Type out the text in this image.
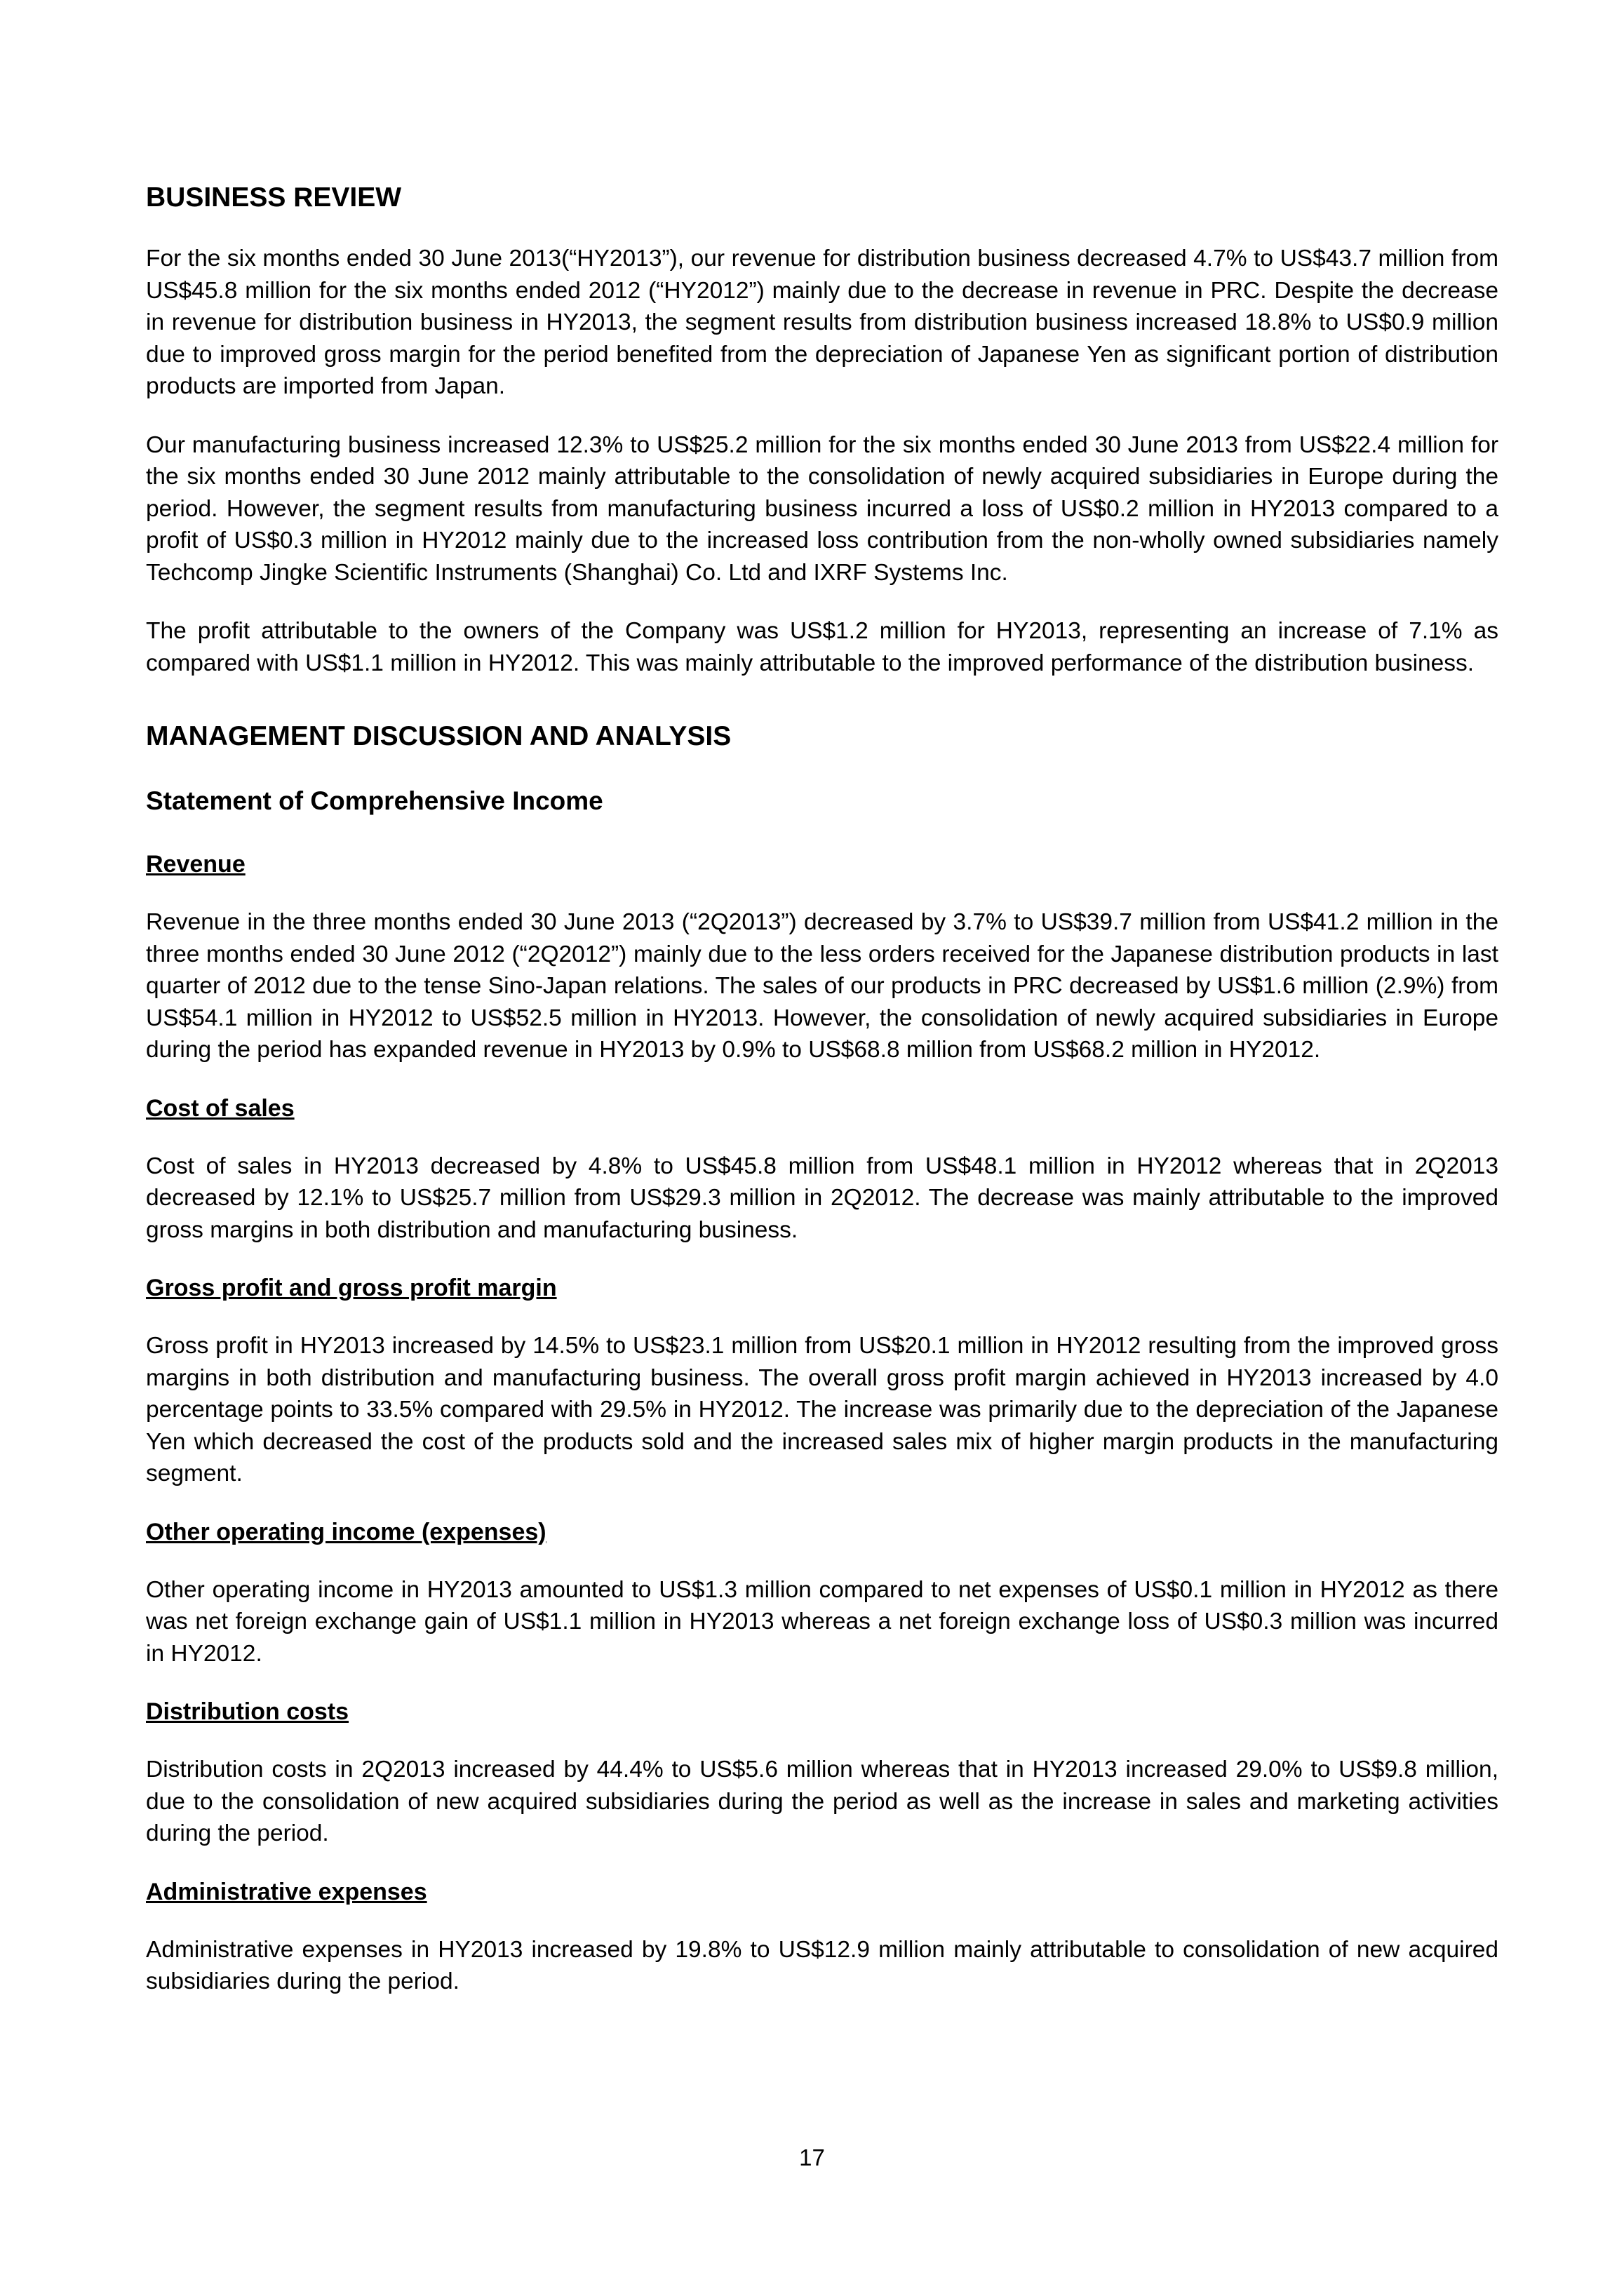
BUSINESS REVIEW

For the six months ended 30 June 2013(“HY2013”), our revenue for distribution business decreased 4.7% to US$43.7 million from US$45.8 million for the six months ended 2012 (“HY2012”) mainly due to the decrease in revenue in PRC. Despite the decrease in revenue for distribution business in HY2013, the segment results from distribution business increased 18.8% to US$0.9 million due to improved gross margin for the period benefited from the depreciation of Japanese Yen as significant portion of distribution products are imported from Japan.

Our manufacturing business increased 12.3% to US$25.2 million for the six months ended 30 June 2013 from US$22.4 million for the six months ended 30 June 2012 mainly attributable to the consolidation of newly acquired subsidiaries in Europe during the period. However, the segment results from manufacturing business incurred a loss of US$0.2 million in HY2013 compared to a profit of US$0.3 million in HY2012 mainly due to the increased loss contribution from the non-wholly owned subsidiaries namely Techcomp Jingke Scientific Instruments (Shanghai) Co. Ltd and IXRF Systems Inc.

The profit attributable to the owners of the Company was US$1.2 million for HY2013, representing an increase of 7.1% as compared with US$1.1 million in HY2012. This was mainly attributable to the improved performance of the distribution business.

MANAGEMENT DISCUSSION AND ANALYSIS
Statement of Comprehensive Income
Revenue

Revenue in the three months ended 30 June 2013 (“2Q2013”) decreased by 3.7% to US$39.7 million from US$41.2 million in the three months ended 30 June 2012 (“2Q2012”) mainly due to the less orders received for the Japanese distribution products in last quarter of 2012 due to the tense Sino-Japan relations. The sales of our products in PRC decreased by US$1.6 million (2.9%) from US$54.1 million in HY2012 to US$52.5 million in HY2013. However, the consolidation of newly acquired subsidiaries in Europe during the period has expanded revenue in HY2013 by 0.9% to US$68.8 million from US$68.2 million in HY2012.

Cost of sales

Cost of sales in HY2013 decreased by 4.8% to US$45.8 million from US$48.1 million in HY2012 whereas that in 2Q2013 decreased by 12.1% to US$25.7 million from US$29.3 million in 2Q2012. The decrease was mainly attributable to the improved gross margins in both distribution and manufacturing business.

Gross profit and gross profit margin

Gross profit in HY2013 increased by 14.5% to US$23.1 million from US$20.1 million in HY2012 resulting from the improved gross margins in both distribution and manufacturing business. The overall gross profit margin achieved in HY2013 increased by 4.0 percentage points to 33.5% compared with 29.5% in HY2012. The increase was primarily due to the depreciation of the Japanese Yen which decreased the cost of the products sold and the increased sales mix of higher margin products in the manufacturing segment.

Other operating income (expenses)

Other operating income in HY2013 amounted to US$1.3 million compared to net expenses of US$0.1 million in HY2012 as there was net foreign exchange gain of US$1.1 million in HY2013 whereas a net foreign exchange loss of US$0.3 million was incurred in HY2012.

Distribution costs

Distribution costs in 2Q2013 increased by 44.4% to US$5.6 million whereas that in HY2013 increased 29.0% to US$9.8 million, due to the consolidation of new acquired subsidiaries during the period as well as the increase in sales and marketing activities during the period.

Administrative expenses

Administrative expenses in HY2013 increased by 19.8% to US$12.9 million mainly attributable to consolidation of new acquired subsidiaries during the period.

17
